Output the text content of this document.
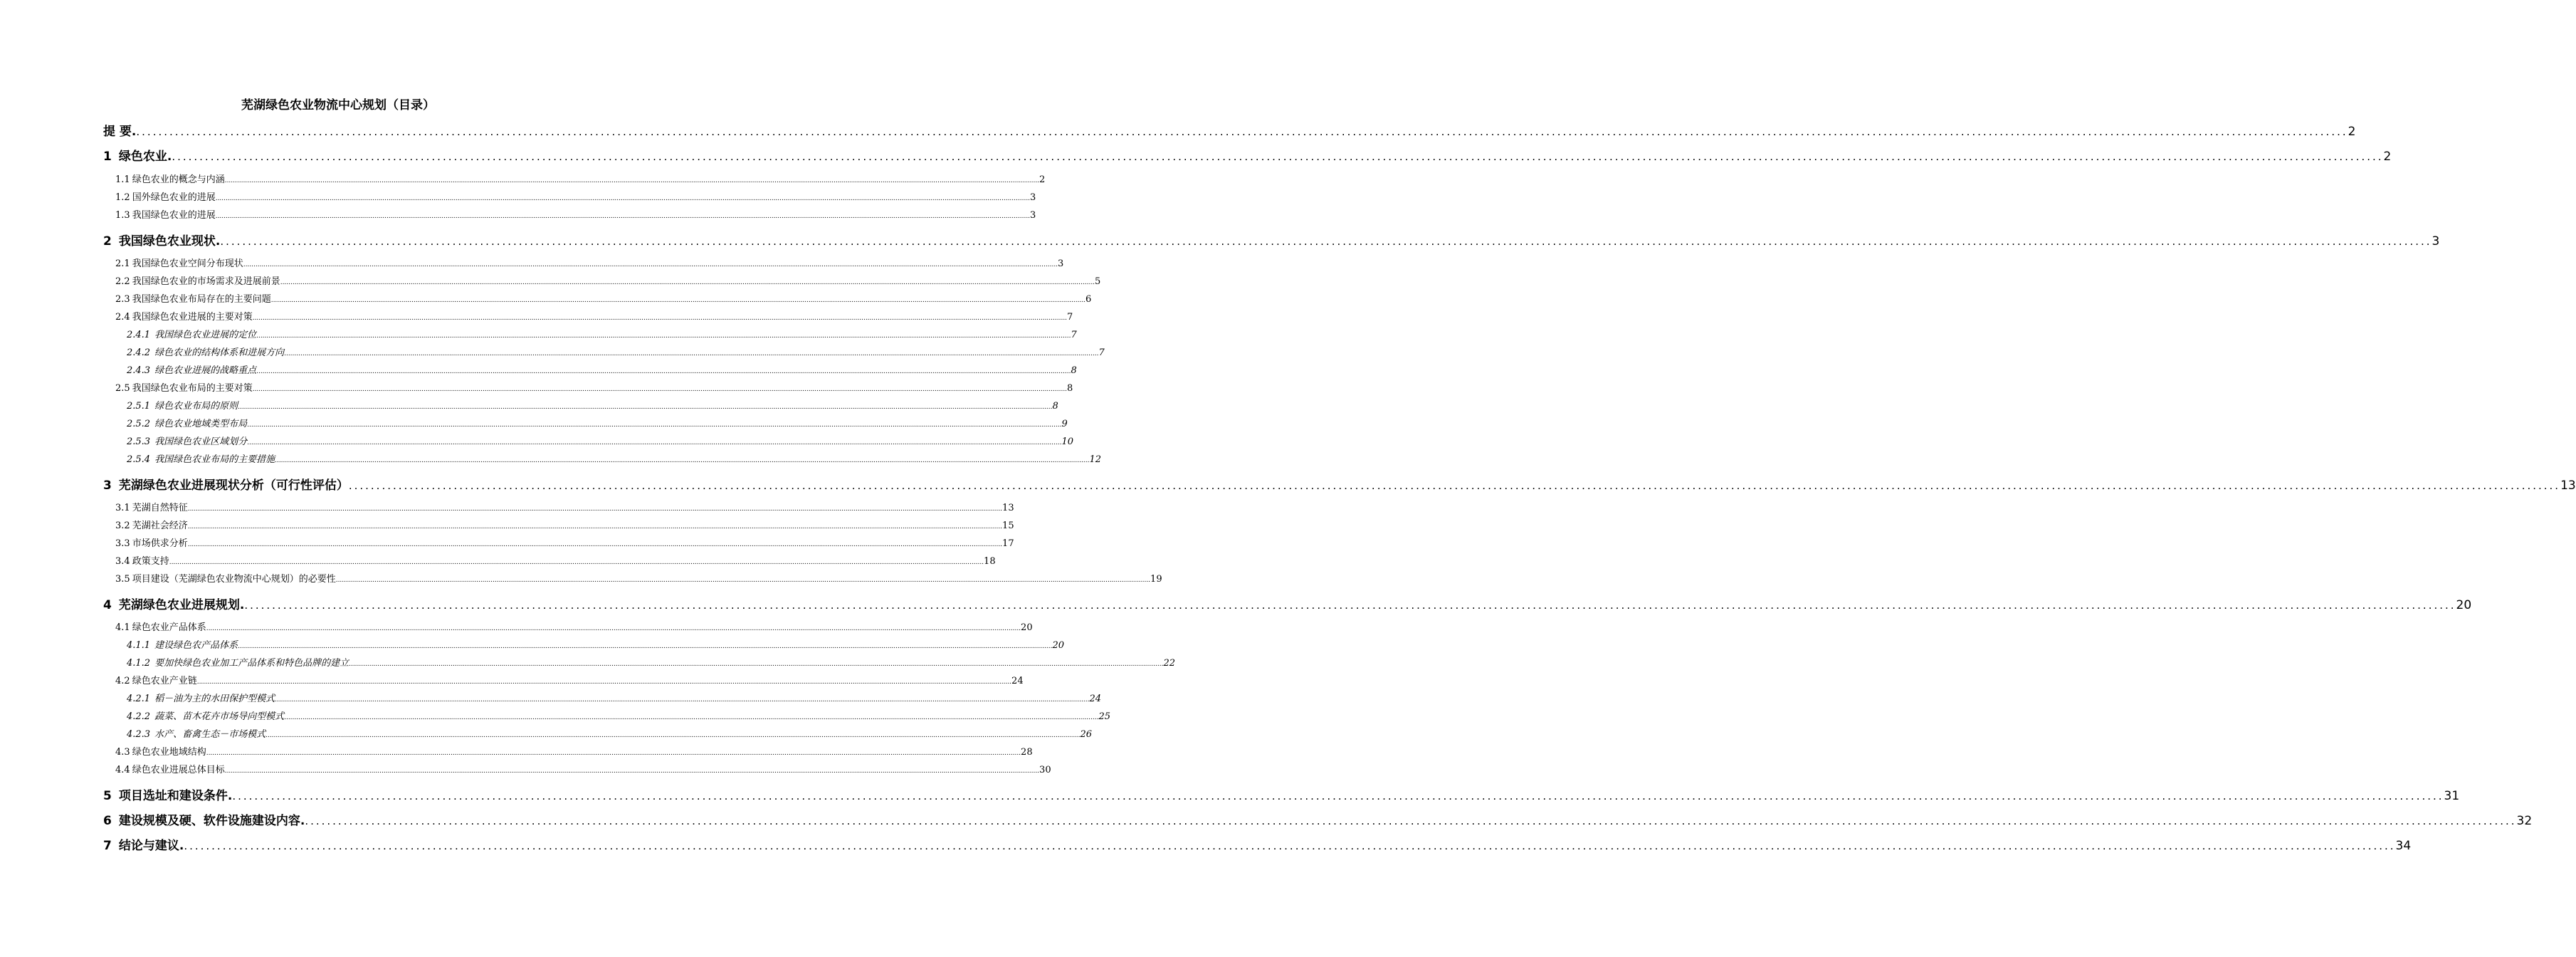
芜湖绿色农业物流中心规划（目录）
提 要. ................................................................................................................................................................................................................................................................................................................................................................................................................ 2
1 绿色农业. ................................................................................................................................................................................................................................................................................................................................................................................................................ 2
1.1 绿色农业的概念与内涵 ................................................................................................................................................................................................................................................................................................................................................................................................................ 2
1.2 国外绿色农业的进展 ................................................................................................................................................................................................................................................................................................................................................................................................................ 3
1.3 我国绿色农业的进展 ................................................................................................................................................................................................................................................................................................................................................................................................................ 3
2 我国绿色农业现状. ................................................................................................................................................................................................................................................................................................................................................................................................................ 3
2.1 我国绿色农业空间分布现状 ................................................................................................................................................................................................................................................................................................................................................................................................................ 3
2.2 我国绿色农业的市场需求及进展前景 ................................................................................................................................................................................................................................................................................................................................................................................................................ 5
2.3 我国绿色农业布局存在的主要问题 ................................................................................................................................................................................................................................................................................................................................................................................................................ 6
2.4 我国绿色农业进展的主要对策 ................................................................................................................................................................................................................................................................................................................................................................................................................ 7
2.4.1 我国绿色农业进展的定位 ................................................................................................................................................................................................................................................................................................................................................................................................................ 7
2.4.2 绿色农业的结构体系和进展方向 ................................................................................................................................................................................................................................................................................................................................................................................................................ 7
2.4.3 绿色农业进展的战略重点 ................................................................................................................................................................................................................................................................................................................................................................................................................ 8
2.5 我国绿色农业布局的主要对策 ................................................................................................................................................................................................................................................................................................................................................................................................................ 8
2.5.1 绿色农业布局的原则 ................................................................................................................................................................................................................................................................................................................................................................................................................ 8
2.5.2 绿色农业地域类型布局 ................................................................................................................................................................................................................................................................................................................................................................................................................ 9
2.5.3 我国绿色农业区域划分 ................................................................................................................................................................................................................................................................................................................................................................................................................ 10
2.5.4 我国绿色农业布局的主要措施 ................................................................................................................................................................................................................................................................................................................................................................................................................ 12
3 芜湖绿色农业进展现状分析（可行性评估） ................................................................................................................................................................................................................................................................................................................................................................................................................ 13
3.1 芜湖自然特征 ................................................................................................................................................................................................................................................................................................................................................................................................................ 13
3.2 芜湖社会经济 ................................................................................................................................................................................................................................................................................................................................................................................................................ 15
3.3 市场供求分析 ................................................................................................................................................................................................................................................................................................................................................................................................................ 17
3.4 政策支持 ................................................................................................................................................................................................................................................................................................................................................................................................................ 18
3.5 项目建设（芜湖绿色农业物流中心规划）的必要性 ................................................................................................................................................................................................................................................................................................................................................................................................................ 19
4 芜湖绿色农业进展规划. ................................................................................................................................................................................................................................................................................................................................................................................................................ 20
4.1 绿色农业产品体系 ................................................................................................................................................................................................................................................................................................................................................................................................................ 20
4.1.1 建设绿色农产品体系 ................................................................................................................................................................................................................................................................................................................................................................................................................ 20
4.1.2 要加快绿色农业加工产品体系和特色品牌的建立 ................................................................................................................................................................................................................................................................................................................................................................................................................ 22
4.2 绿色农业产业链 ................................................................................................................................................................................................................................................................................................................................................................................................................ 24
4.2.1 稻－油为主的水田保护型模式 ................................................................................................................................................................................................................................................................................................................................................................................................................ 24
4.2.2 蔬菜、苗木花卉市场导向型模式 ................................................................................................................................................................................................................................................................................................................................................................................................................ 25
4.2.3 水产、畜禽生态－市场模式 ................................................................................................................................................................................................................................................................................................................................................................................................................ 26
4.3 绿色农业地域结构 ................................................................................................................................................................................................................................................................................................................................................................................................................ 28
4.4 绿色农业进展总体目标 ................................................................................................................................................................................................................................................................................................................................................................................................................ 30
5 项目选址和建设条件. ................................................................................................................................................................................................................................................................................................................................................................................................................ 31
6 建设规模及硬、软件设施建设内容. ................................................................................................................................................................................................................................................................................................................................................................................................................ 32
7 结论与建议. ................................................................................................................................................................................................................................................................................................................................................................................................................ 34
